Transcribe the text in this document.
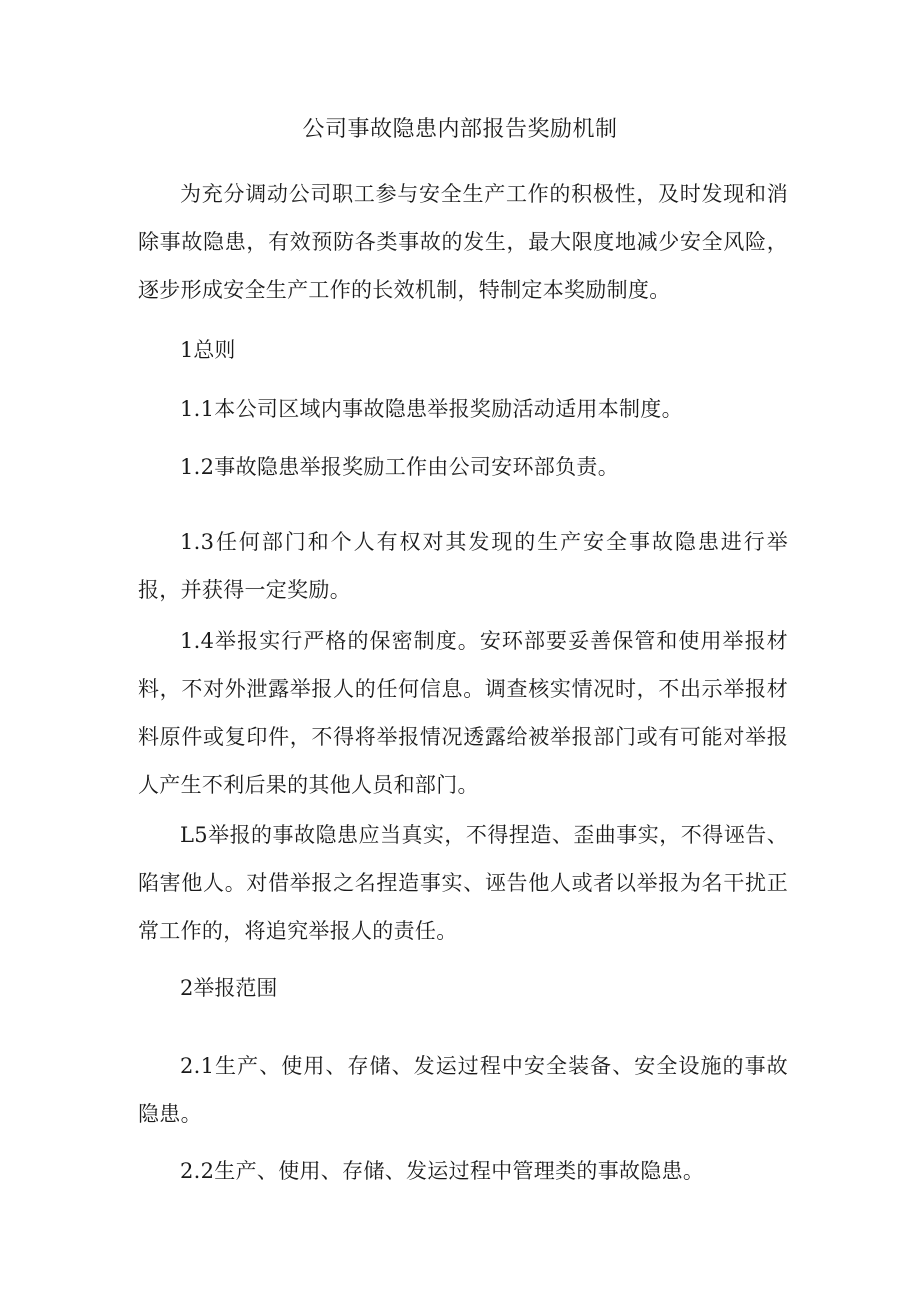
公司事故隐患内部报告奖励机制

为充分调动公司职工参与安全生产工作的积极性，及时发现和消除事故隐患，有效预防各类事故的发生，最大限度地减少安全风险，逐步形成安全生产工作的长效机制，特制定本奖励制度。

1总则

1.1本公司区域内事故隐患举报奖励活动适用本制度。

1.2事故隐患举报奖励工作由公司安环部负责。

1.3任何部门和个人有权对其发现的生产安全事故隐患进行举报，并获得一定奖励。

1.4举报实行严格的保密制度。安环部要妥善保管和使用举报材料，不对外泄露举报人的任何信息。调查核实情况时，不出示举报材料原件或复印件，不得将举报情况透露给被举报部门或有可能对举报人产生不利后果的其他人员和部门。

L5举报的事故隐患应当真实，不得捏造、歪曲事实，不得诬告、陷害他人。对借举报之名捏造事实、诬告他人或者以举报为名干扰正常工作的，将追究举报人的责任。

2举报范围

2.1生产、使用、存储、发运过程中安全装备、安全设施的事故隐患。

2.2生产、使用、存储、发运过程中管理类的事故隐患。
